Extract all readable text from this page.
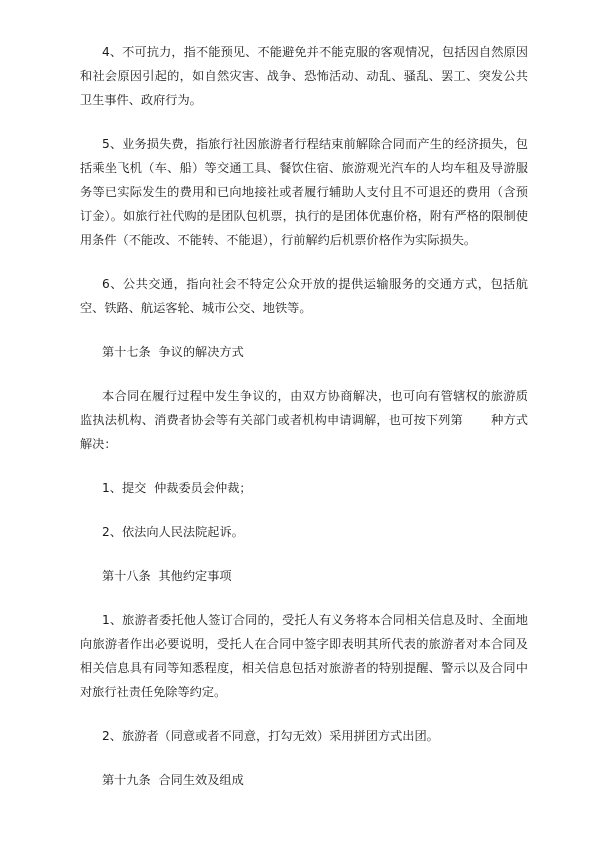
4、不可抗力，指不能预见、不能避免并不能克服的客观情况，包括因自然原因和社会原因引起的，如自然灾害、战争、恐怖活动、动乱、骚乱、罢工、突发公共卫生事件、政府行为。

5、业务损失费，指旅行社因旅游者行程结束前解除合同而产生的经济损失，包括乘坐飞机（车、船）等交通工具、餐饮住宿、旅游观光汽车的人均车租及导游服务等已实际发生的费用和已向地接社或者履行辅助人支付且不可退还的费用（含预订金）。如旅行社代购的是团队包机票，执行的是团体优惠价格，附有严格的限制使用条件（不能改、不能转、不能退），行前解约后机票价格作为实际损失。

6、公共交通，指向社会不特定公众开放的提供运输服务的交通方式，包括航空、铁路、航运客轮、城市公交、地铁等。

第十七条  争议的解决方式

本合同在履行过程中发生争议的，由双方协商解决，也可向有管辖权的旅游质监执法机构、消费者协会等有关部门或者机构申请调解，也可按下列第       种方式解决：

1、提交  仲裁委员会仲裁；

2、依法向人民法院起诉。

第十八条  其他约定事项

1、旅游者委托他人签订合同的，受托人有义务将本合同相关信息及时、全面地向旅游者作出必要说明，受托人在合同中签字即表明其所代表的旅游者对本合同及相关信息具有同等知悉程度，相关信息包括对旅游者的特别提醒、警示以及合同中对旅行社责任免除等约定。

2、旅游者（同意或者不同意，打勾无效）采用拼团方式出团。

第十九条  合同生效及组成
